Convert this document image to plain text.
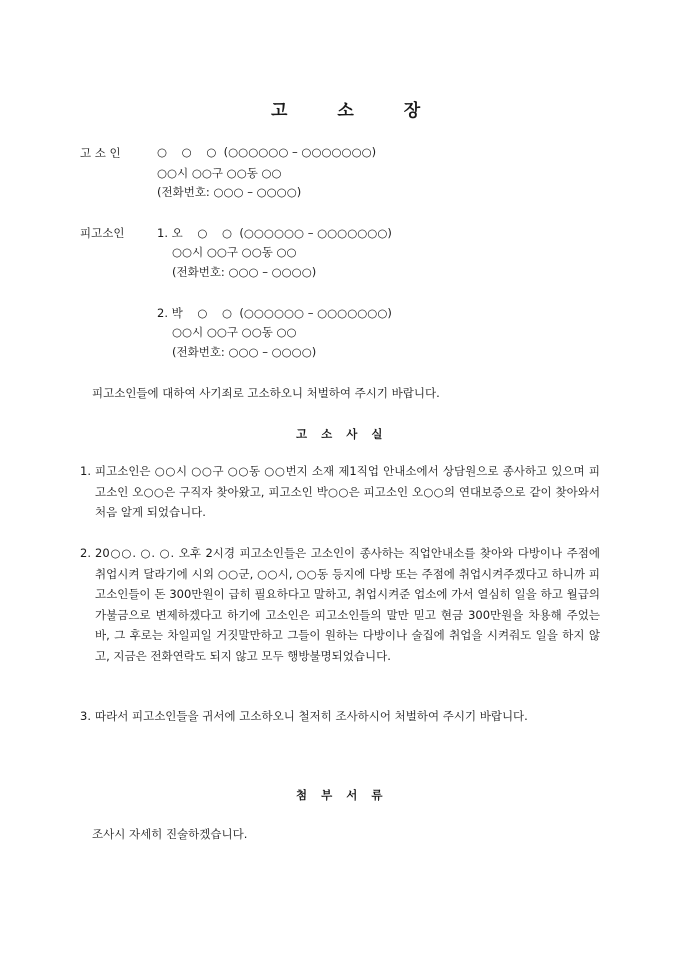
고	소	장
고 소 인	○    ○    ○  (○○○○○○ – ○○○○○○○)
○○시 ○○구 ○○동 ○○
(전화번호: ○○○ – ○○○○)
피고소인	1. 오    ○    ○  (○○○○○○ – ○○○○○○○)
○○시 ○○구 ○○동 ○○
(전화번호: ○○○ – ○○○○)
2. 박    ○    ○  (○○○○○○ – ○○○○○○○)
○○시 ○○구 ○○동 ○○
(전화번호: ○○○ – ○○○○)
피고소인들에 대하여 사기죄로 고소하오니 처벌하여 주시기 바랍니다.
고 소 사 실
1. 피고소인은 ○○시 ○○구 ○○동 ○○번지 소재 제1직업 안내소에서 상담원으로 종사하고 있으며 피고소인 오○○은 구직자 찾아왔고, 피고소인 박○○은 피고소인 오○○의 연대보증으로 같이 찾아와서 처음 알게 되었습니다.
2. 20○○. ○. ○. 오후 2시경 피고소인들은 고소인이 종사하는 직업안내소를 찾아와 다방이나 주점에 취업시켜 달라기에 시외 ○○군, ○○시, ○○동 등지에 다방 또는 주점에 취업시켜주겠다고 하니까 피고소인들이 돈 300만원이 급히 필요하다고 말하고, 취업시켜준 업소에 가서 열심히 일을 하고 월급의 가불금으로 변제하겠다고 하기에 고소인은 피고소인들의 말만 믿고 현금 300만원을 차용해 주었는바, 그 후로는 차일피일 거짓말만하고 그들이 원하는 다방이나 술집에 취업을 시켜줘도 일을 하지 않고, 지금은 전화연락도 되지 않고 모두 행방불명되었습니다.
3. 따라서 피고소인들을 귀서에 고소하오니 철저히 조사하시어 처벌하여 주시기 바랍니다.
첨 부 서 류
조사시 자세히 진술하겠습니다.
